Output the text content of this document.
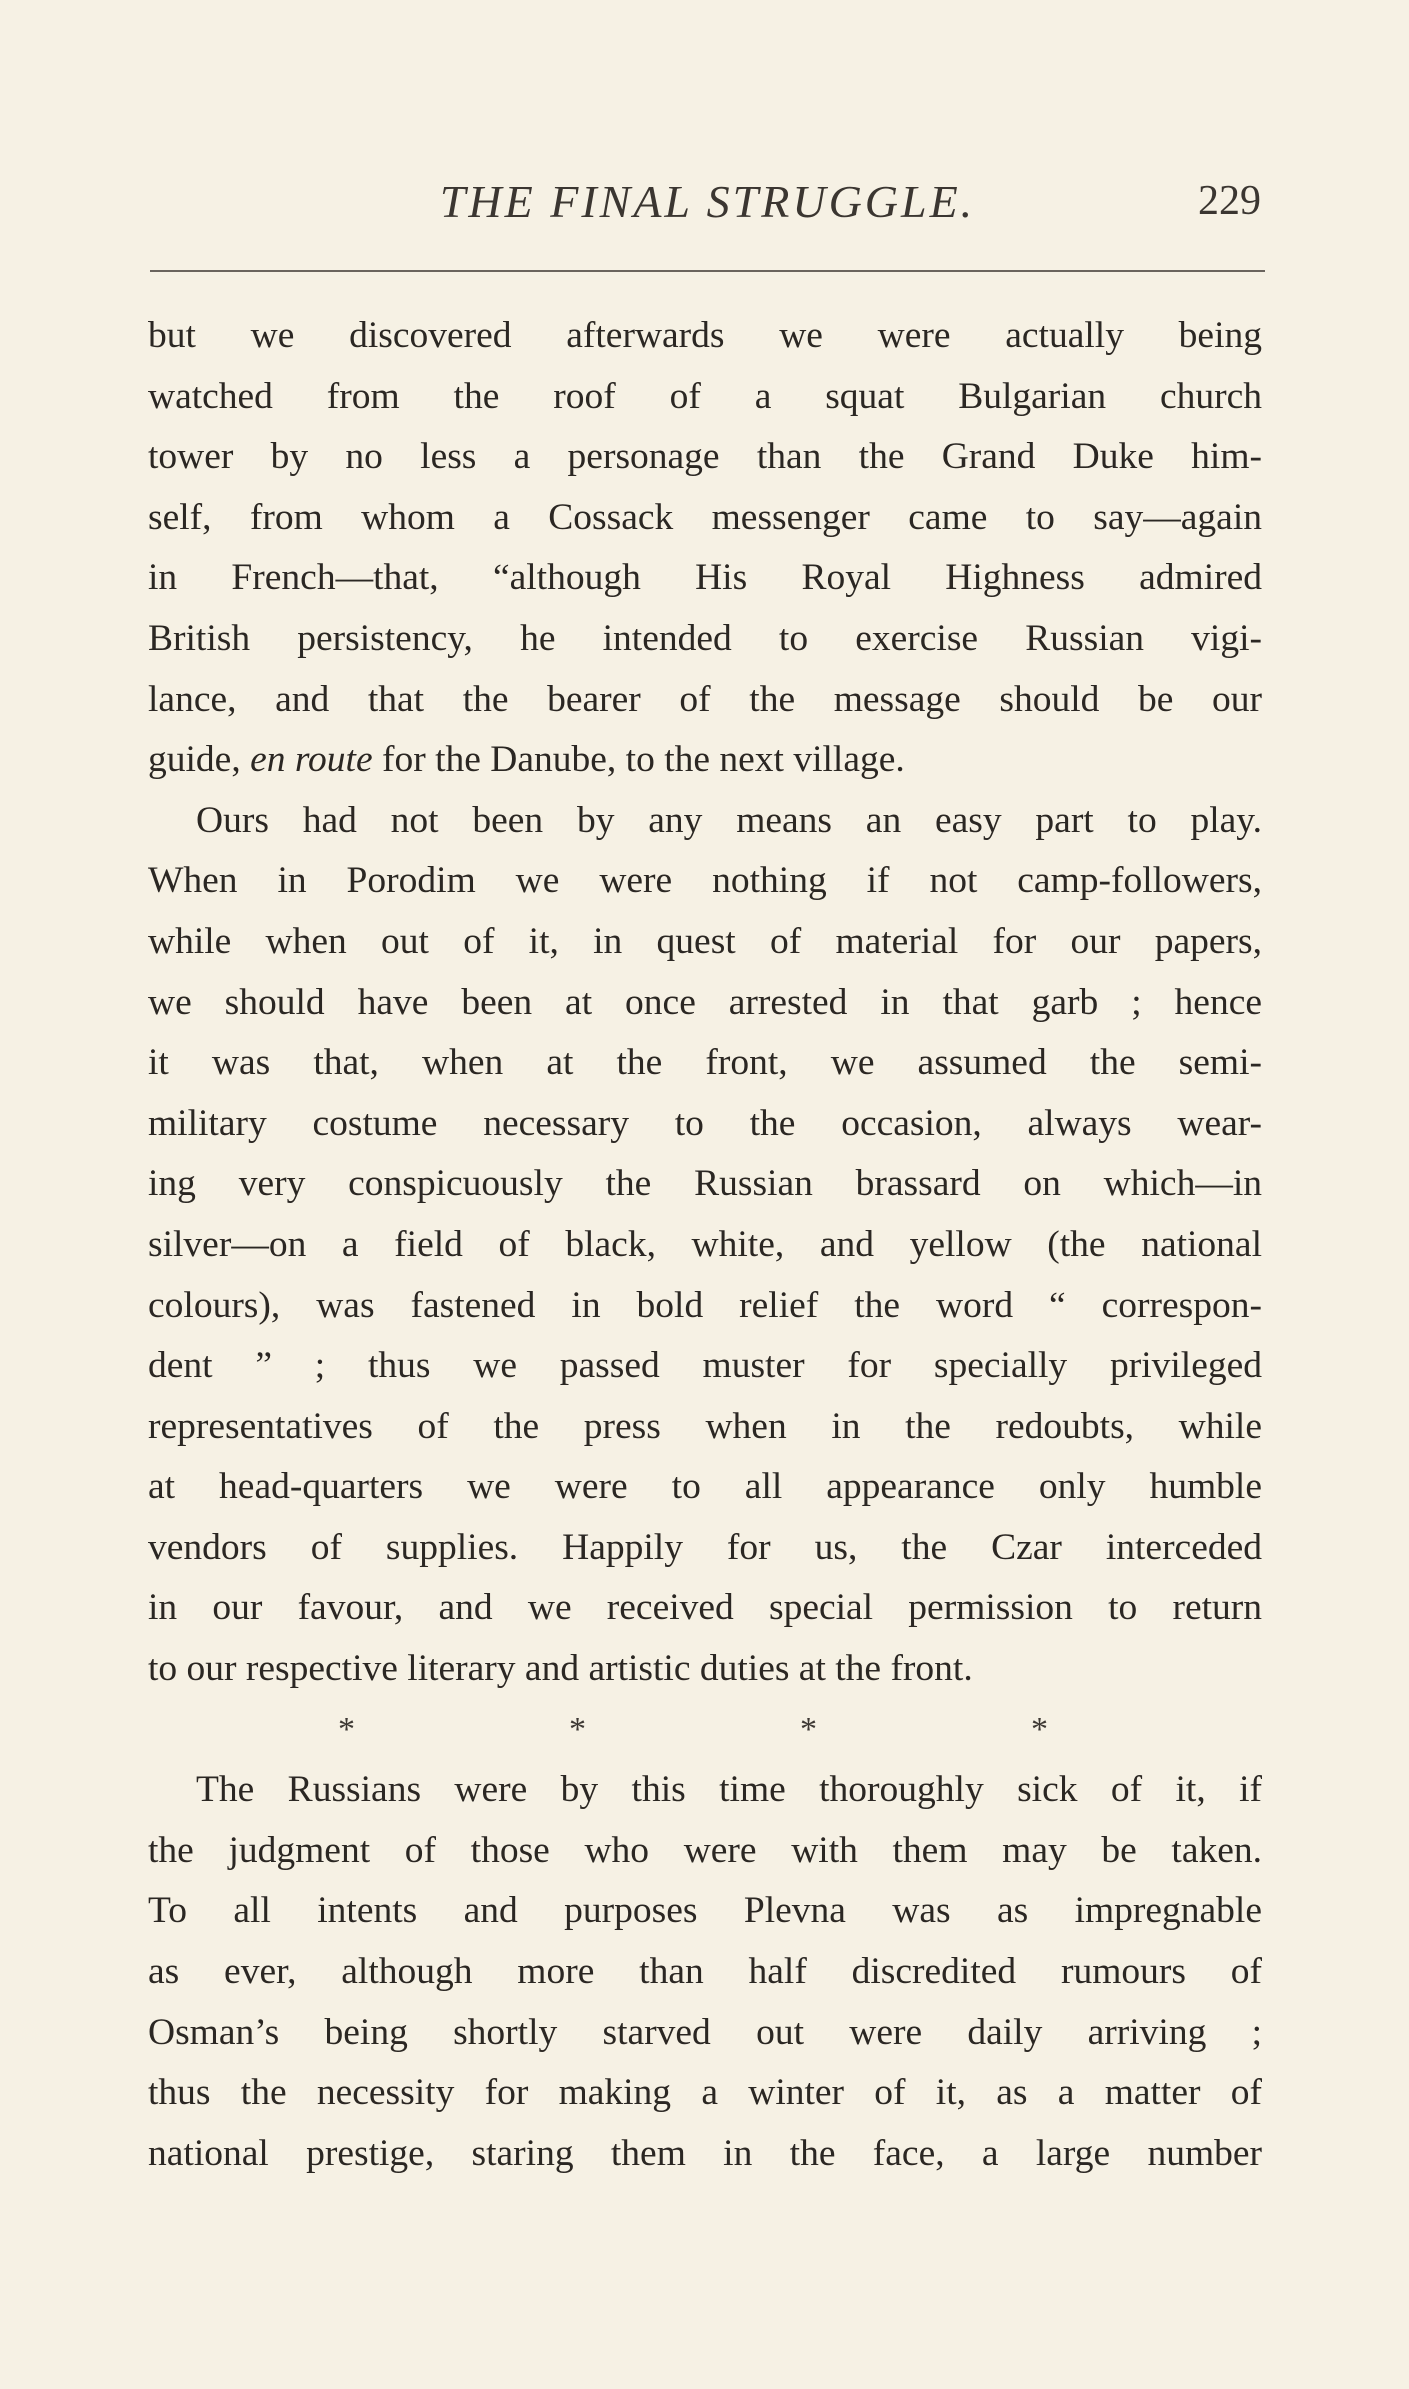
THE FINAL STRUGGLE.	229
but we discovered afterwards we were actually being
watched from the roof of a squat Bulgarian church
tower by no less a personage than the Grand Duke him-
self, from whom a Cossack messenger came to say—again
in French—that, “although His Royal Highness admired
British persistency, he intended to exercise Russian vigi-
lance, and that the bearer of the message should be our
guide, en route for the Danube, to the next village.
Ours had not been by any means an easy part to play.
When in Porodim we were nothing if not camp-followers,
while when out of it, in quest of material for our papers,
we should have been at once arrested in that garb ; hence
it was that, when at the front, we assumed the semi-
military costume necessary to the occasion, always wear-
ing very conspicuously the Russian brassard on which—in
silver—on a field of black, white, and yellow (the national
colours), was fastened in bold relief the word “ correspon-
dent ” ; thus we passed muster for specially privileged
representatives of the press when in the redoubts, while
at head-quarters we were to all appearance only humble
vendors of supplies. Happily for us, the Czar interceded
in our favour, and we received special permission to return
to our respective literary and artistic duties at the front.
*	*	*	*
The Russians were by this time thoroughly sick of it, if
the judgment of those who were with them may be taken.
To all intents and purposes Plevna was as impregnable
as ever, although more than half discredited rumours of
Osman’s being shortly starved out were daily arriving ;
thus the necessity for making a winter of it, as a matter of
national prestige, staring them in the face, a large number
